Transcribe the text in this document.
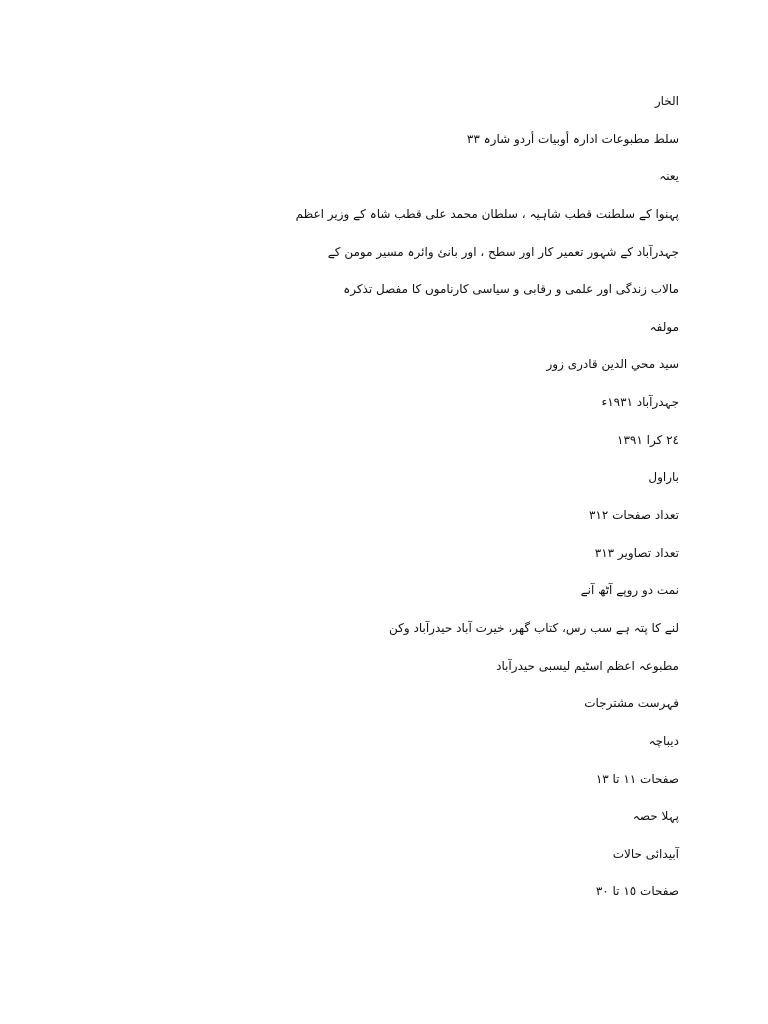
الخار
سلط مطبوعات ادارہ أوبيات أردو شارہ ٣٣
يعنہ
پہنوا کے سلطنت قطب شاہيہ ، سلطان محمد علی قطب شاہ کے وزير اعظم
جہدرآباد کے شہور تعمير کار اور سطح ، اور بانئ وائرہ مسير مومن کے
مالاب زندگی اور علمی و رقابی و سياسی کارناموں کا مفصل تذکرہ
مولفہ
سيد محي الدين قادری زور
جہدرآباد ١٩٣١ء
٢٤ کرا ١٣٩١
باراول
تعداد صفحات ٣١٢
تعداد تصاوير ٣١٣
نمت دو روپے آٹھ آنے
لنے کا پتہ ہے سب رس، کتاب گھر، خيرت آباد حيدرآباد وکن
مطبوعہ اعظم اسٹيم ليسبی حيدرآباد
فہرست مشترجات
ديباچہ
صفحات ١١ تا ١٣
پہلا حصہ
آبيدائی حالات
صفحات ١٥ تا ٣٠
